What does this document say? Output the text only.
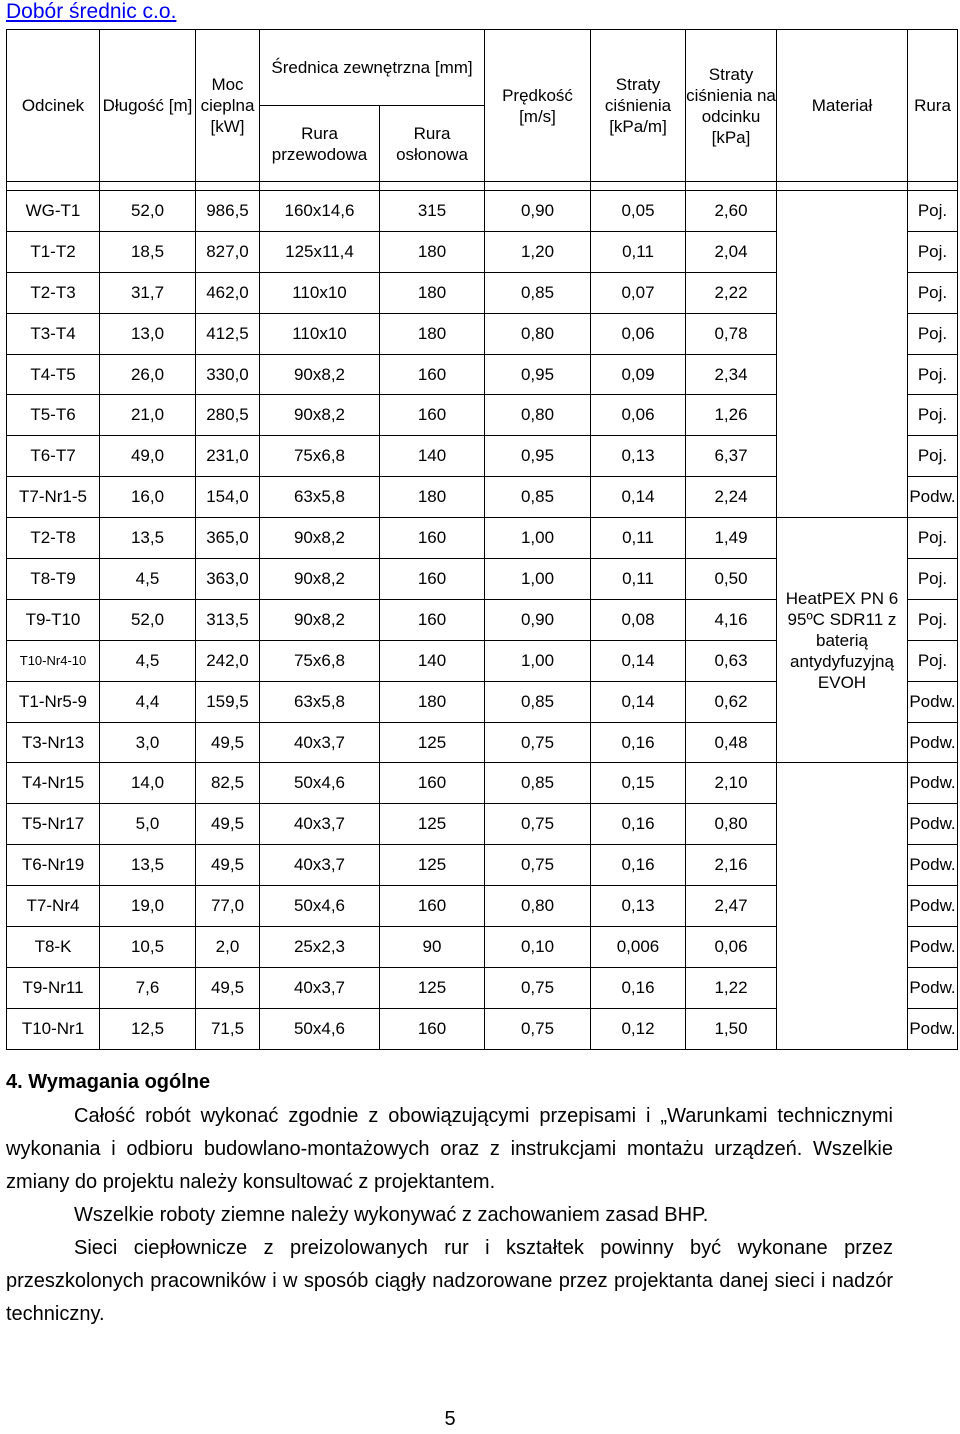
Dobór średnic c.o.
Odcinek	Długość [m]	Moc cieplna [kW]	Średnica zewnętrzna [mm]		Prędkość [m/s]	Straty ciśnienia [kPa/m]	Straty ciśnienia na odcinku [kPa]	Materiał	Rura
			Rura przewodowa	Rura osłonowa					

WG-T1	52,0	986,5	160x14,6	315	0,90	0,05	2,60		Poj.
T1-T2	18,5	827,0	125x11,4	180	1,20	0,11	2,04		Poj.
T2-T3	31,7	462,0	110x10	180	0,85	0,07	2,22		Poj.
T3-T4	13,0	412,5	110x10	180	0,80	0,06	0,78		Poj.
T4-T5	26,0	330,0	90x8,2	160	0,95	0,09	2,34		Poj.
T5-T6	21,0	280,5	90x8,2	160	0,80	0,06	1,26		Poj.
T6-T7	49,0	231,0	75x6,8	140	0,95	0,13	6,37		Poj.
T7-Nr1-5	16,0	154,0	63x5,8	180	0,85	0,14	2,24		Podw.
T2-T8	13,5	365,0	90x8,2	160	1,00	0,11	1,49	HeatPEX PN 6 95ºC SDR11 z baterią antydyfuzyjną EVOH	Poj.
T8-T9	4,5	363,0	90x8,2	160	1,00	0,11	0,50		Poj.
T9-T10	52,0	313,5	90x8,2	160	0,90	0,08	4,16		Poj.
T10-Nr4-10	4,5	242,0	75x6,8	140	1,00	0,14	0,63		Poj.
T1-Nr5-9	4,4	159,5	63x5,8	180	0,85	0,14	0,62		Podw.
T3-Nr13	3,0	49,5	40x3,7	125	0,75	0,16	0,48		Podw.
T4-Nr15	14,0	82,5	50x4,6	160	0,85	0,15	2,10		Podw.
T5-Nr17	5,0	49,5	40x3,7	125	0,75	0,16	0,80		Podw.
T6-Nr19	13,5	49,5	40x3,7	125	0,75	0,16	2,16		Podw.
T7-Nr4	19,0	77,0	50x4,6	160	0,80	0,13	2,47		Podw.
T8-K	10,5	2,0	25x2,3	90	0,10	0,006	0,06		Podw.
T9-Nr11	7,6	49,5	40x3,7	125	0,75	0,16	1,22		Podw.
T10-Nr1	12,5	71,5	50x4,6	160	0,75	0,12	1,50		Podw.

4. Wymagania ogólne

Całość robót wykonać zgodnie z obowiązującymi przepisami i „Warunkami technicznymi wykonania i odbioru budowlano-montażowych oraz z instrukcjami montażu urządzeń. Wszelkie zmiany do projektu należy konsultować z projektantem.

Wszelkie roboty ziemne należy wykonywać z zachowaniem zasad BHP.

Sieci ciepłownicze z preizolowanych rur i kształtek powinny być wykonane przez przeszkolonych pracowników i w sposób ciągły nadzorowane przez projektanta danej sieci i nadzór techniczny.

5
